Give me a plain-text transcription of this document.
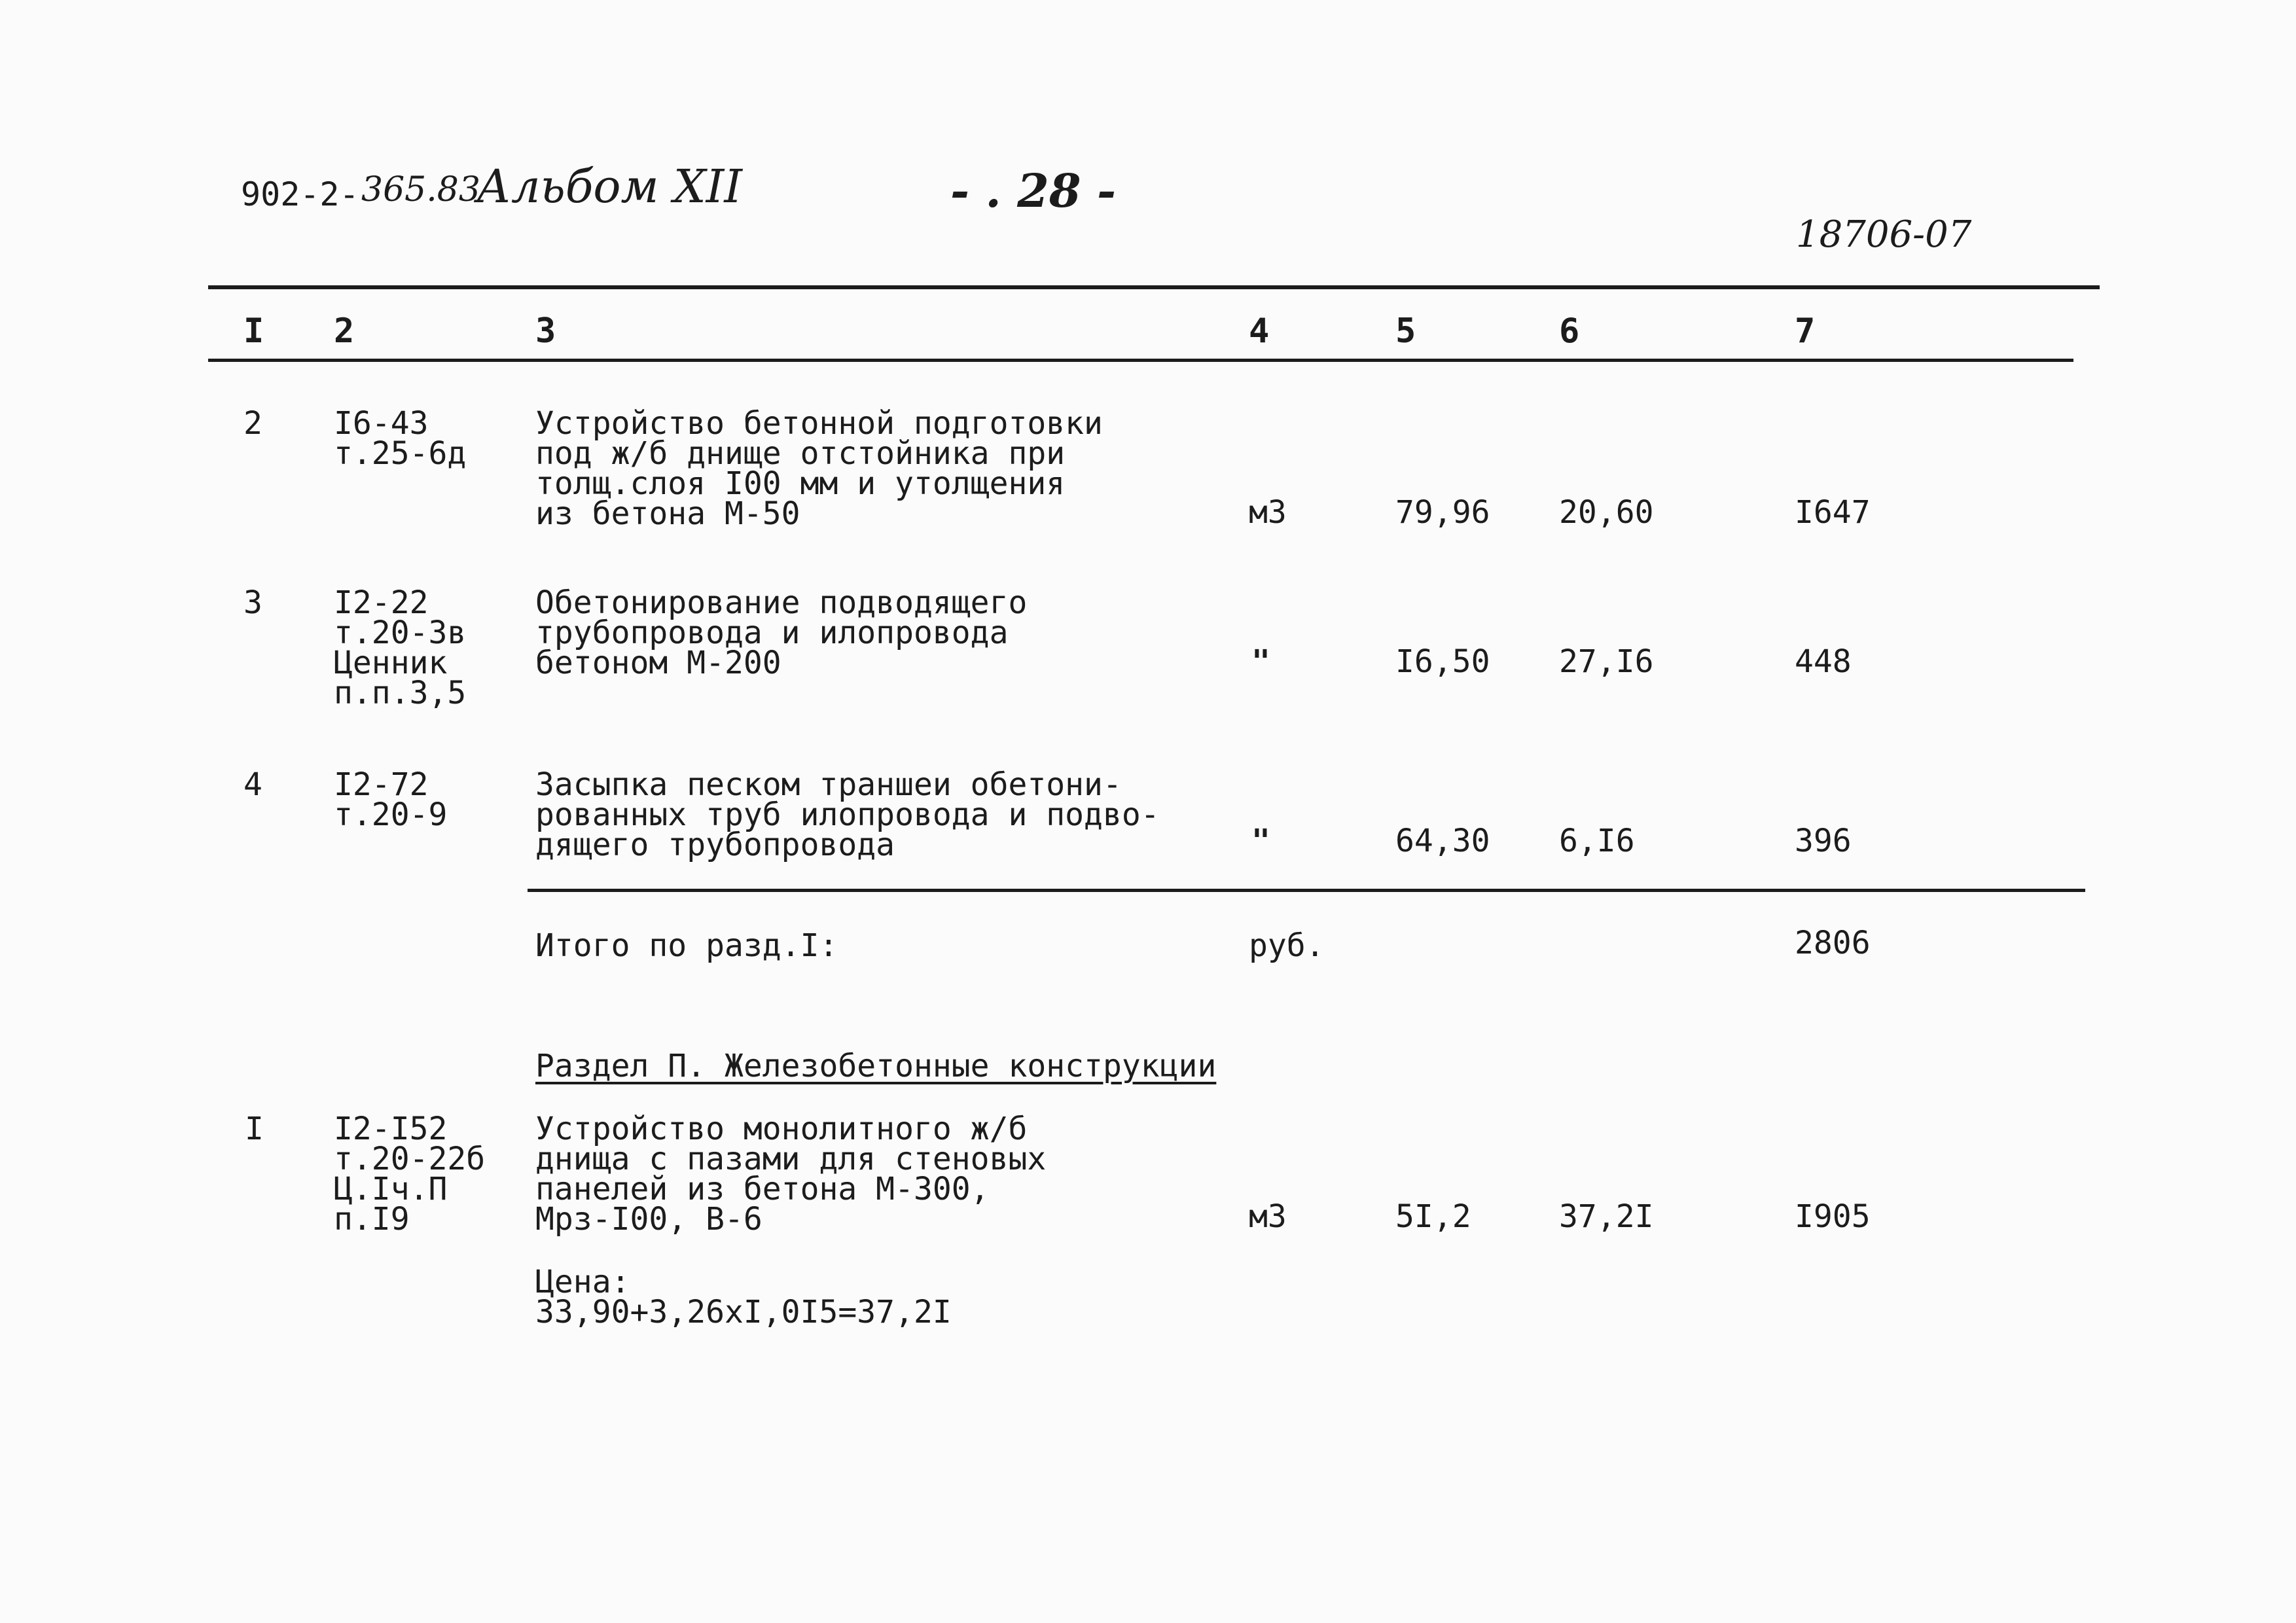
902-2- 365.83
Альбом XII	- . 28 -
18706-07
I 2	3	4	5	6	7
2 I6-43
т.25-6д
Устройство бетонной подготовки
под ж/б днище отстойника при
толщ.слоя I00 мм и утолщения
из бетона М-50	м3	79,96 20,60	I647
3 I2-22
т.20-3в
Ценник
п.п.3,5
Обетонирование подводящего
трубопровода и илопровода
бетоном М-200	"	I6,50 27,I6	448
4 I2-72
т.20-9
Засыпка песком траншеи обетони-
рованных труб илопровода и подво-
дящего трубопровода	"	64,30 6,I6	396
Итого по разд.I:	руб.	2806
Раздел П. Железобетонные конструкции
I I2-I52
т.20-22б
Ц.Iч.П
п.I9
Устройство монолитного ж/б
днища с пазами для стеновых
панелей из бетона М-300,
Мрз-I00, В-6	м3	5I,2	37,2I	I905
Цена:
33,90+3,26хI,0I5=37,2I
